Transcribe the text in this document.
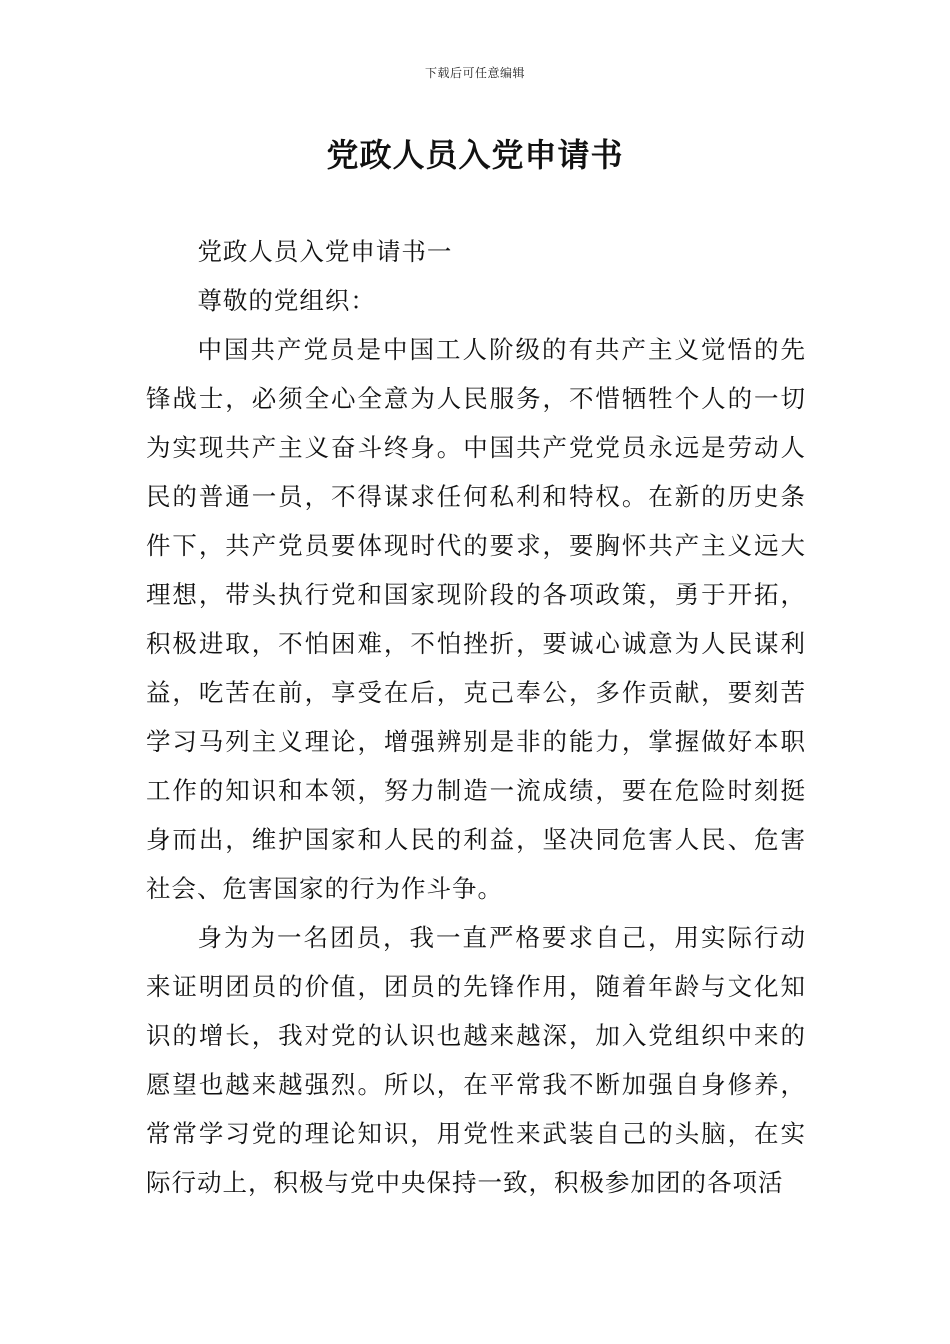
下载后可任意编辑
党政人员入党申请书

党政人员入党申请书一

尊敬的党组织：

中国共产党员是中国工人阶级的有共产主义觉悟的先锋战士，必须全心全意为人民服务，不惜牺牲个人的一切为实现共产主义奋斗终身。中国共产党党员永远是劳动人民的普通一员，不得谋求任何私利和特权。在新的历史条件下，共产党员要体现时代的要求，要胸怀共产主义远大理想，带头执行党和国家现阶段的各项政策，勇于开拓，积极进取，不怕困难，不怕挫折，要诚心诚意为人民谋利益，吃苦在前，享受在后，克己奉公，多作贡献，要刻苦学习马列主义理论，增强辨别是非的能力，掌握做好本职工作的知识和本领，努力制造一流成绩，要在危险时刻挺身而出，维护国家和人民的利益，坚决同危害人民、危害社会、危害国家的行为作斗争。

身为为一名团员，我一直严格要求自己，用实际行动来证明团员的价值，团员的先锋作用，随着年龄与文化知识的增长，我对党的认识也越来越深，加入党组织中来的愿望也越来越强烈。所以，在平常我不断加强自身修养，常常学习党的理论知识，用党性来武装自己的头脑，在实际行动上，积极与党中央保持一致，积极参加团的各项活
